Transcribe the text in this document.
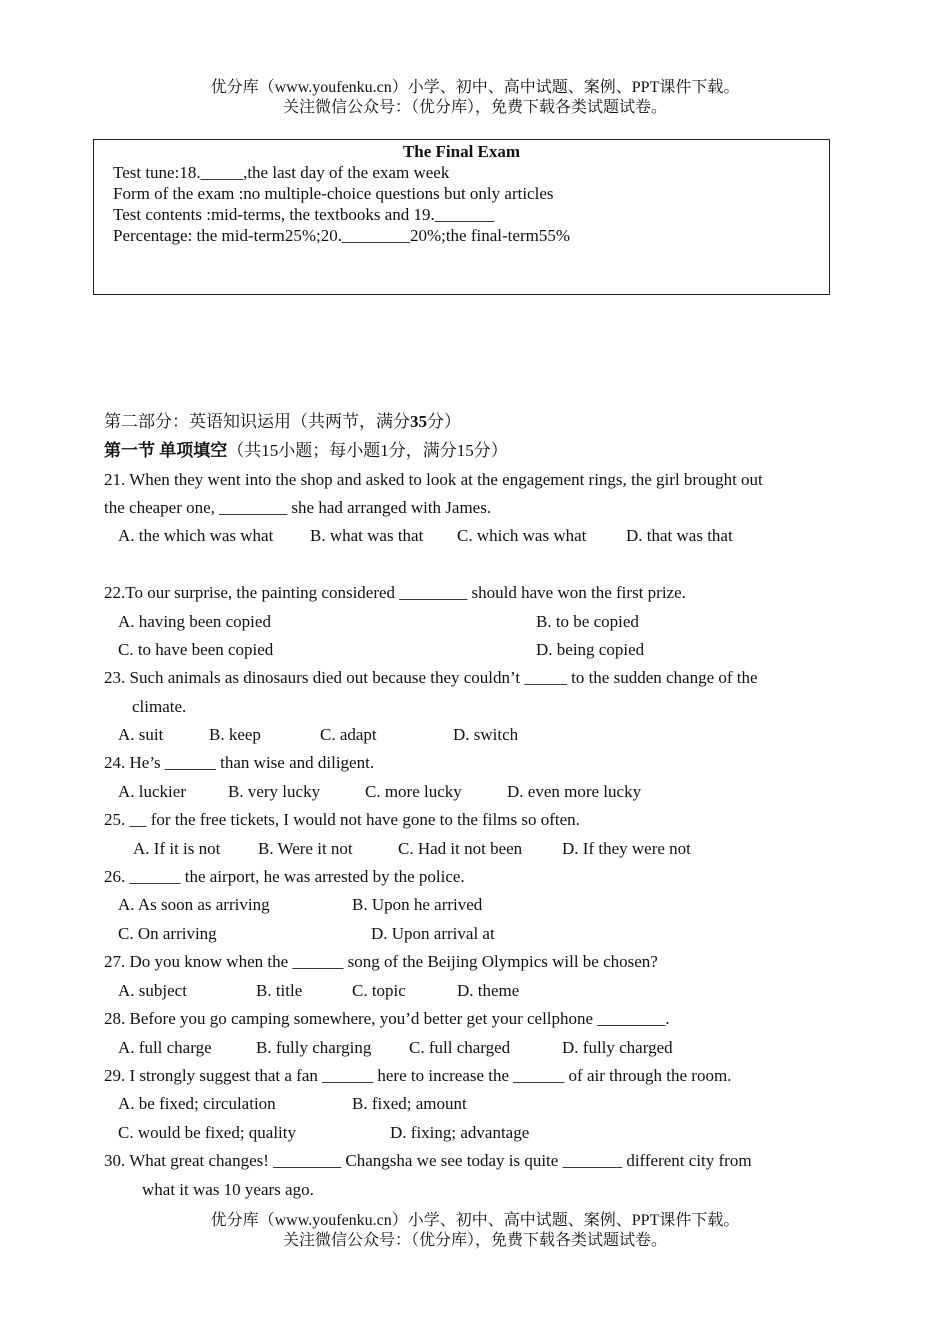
优分库（www.youfenku.cn）小学、初中、高中试题、案例、PPT课件下载。
关注微信公众号：（优分库），免费下载各类试题试卷。
The Final Exam
Test tune:18._____,the last day of the exam week
Form of the exam :no multiple-choice questions but only articles
Test contents :mid-terms, the textbooks and 19._______
Percentage: the mid-term25%;20.________20%;the final-term55%
第二部分：英语知识运用（共两节，满分35分）
第一节 单项填空（共15小题；每小题1分，满分15分）
21. When they went into the shop and asked to look at the engagement rings, the girl brought out
the cheaper one, ________ she had arranged with James.
A. the which was what B. what was that C. which was what D. that was that
22.To our surprise, the painting considered ________ should have won the first prize.
A. having been copied	B. to be copied
C. to have been copied	D. being copied
23. Such animals as dinosaurs died out because they couldn’t _____ to the sudden change of the
climate.
A. suit	B. keep	C. adapt	D. switch
24. He’s ______ than wise and diligent.
A. luckier B. very lucky	C. more lucky	D. even more lucky
25. __ for the free tickets, I would not have gone to the films so often.
A. If it is not B. Were it not	C. Had it not been D. If they were not
26. ______ the airport, he was arrested by the police.
A. As soon as arriving	B. Upon he arrived
C. On arriving	D. Upon arrival at
27. Do you know when the ______ song of the Beijing Olympics will be chosen?
A. subject	B. title	C. topic	D. theme
28. Before you go camping somewhere, you’d better get your cellphone ________.
A. full charge	B. fully charging C. full charged	D. fully charged
29. I strongly suggest that a fan ______ here to increase the ______ of air through the room.
A. be fixed; circulation	B. fixed; amount
C. would be fixed; quality	D. fixing; advantage
30. What great changes! ________ Changsha we see today is quite _______ different city from
what it was 10 years ago.
优分库（www.youfenku.cn）小学、初中、高中试题、案例、PPT课件下载。
关注微信公众号：（优分库），免费下载各类试题试卷。
